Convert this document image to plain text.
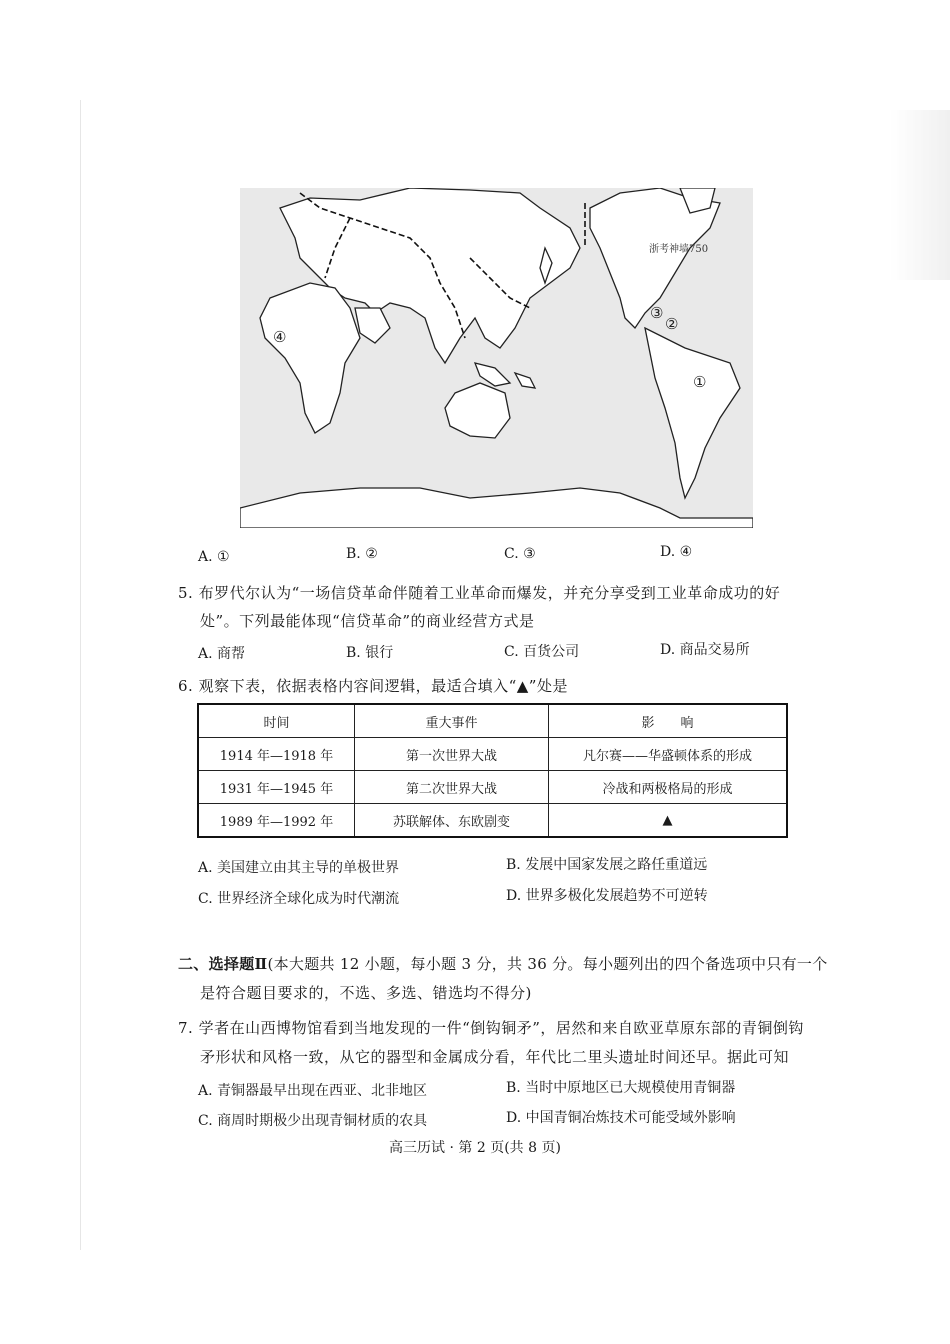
浙考神墙750
①
②
③
④
A. ①	B. ②	C. ③	D. ④
5. 布罗代尔认为“一场信贷革命伴随着工业革命而爆发，并充分享受到工业革命成功的好
处”。下列最能体现“信贷革命”的商业经营方式是
A. 商帮	B. 银行	C. 百货公司	D. 商品交易所
6. 观察下表，依据表格内容间逻辑，最适合填入“▲”处是
时间	重大事件	影　　响
1914 年—1918 年	第一次世界大战	凡尔赛——华盛顿体系的形成
1931 年—1945 年	第二次世界大战	冷战和两极格局的形成
1989 年—1992 年	苏联解体、东欧剧变	▲
A. 美国建立由其主导的单极世界	B. 发展中国家发展之路任重道远
C. 世界经济全球化成为时代潮流	D. 世界多极化发展趋势不可逆转
二、选择题Ⅱ(本大题共 12 小题，每小题 3 分，共 36 分。每小题列出的四个备选项中只有一个
是符合题目要求的，不选、多选、错选均不得分)
7. 学者在山西博物馆看到当地发现的一件“倒钩铜矛”，居然和来自欧亚草原东部的青铜倒钩
矛形状和风格一致，从它的器型和金属成分看，年代比二里头遗址时间还早。据此可知
A. 青铜器最早出现在西亚、北非地区	B. 当时中原地区已大规模使用青铜器
C. 商周时期极少出现青铜材质的农具	D. 中国青铜冶炼技术可能受域外影响
高三历试 · 第 2 页(共 8 页)
